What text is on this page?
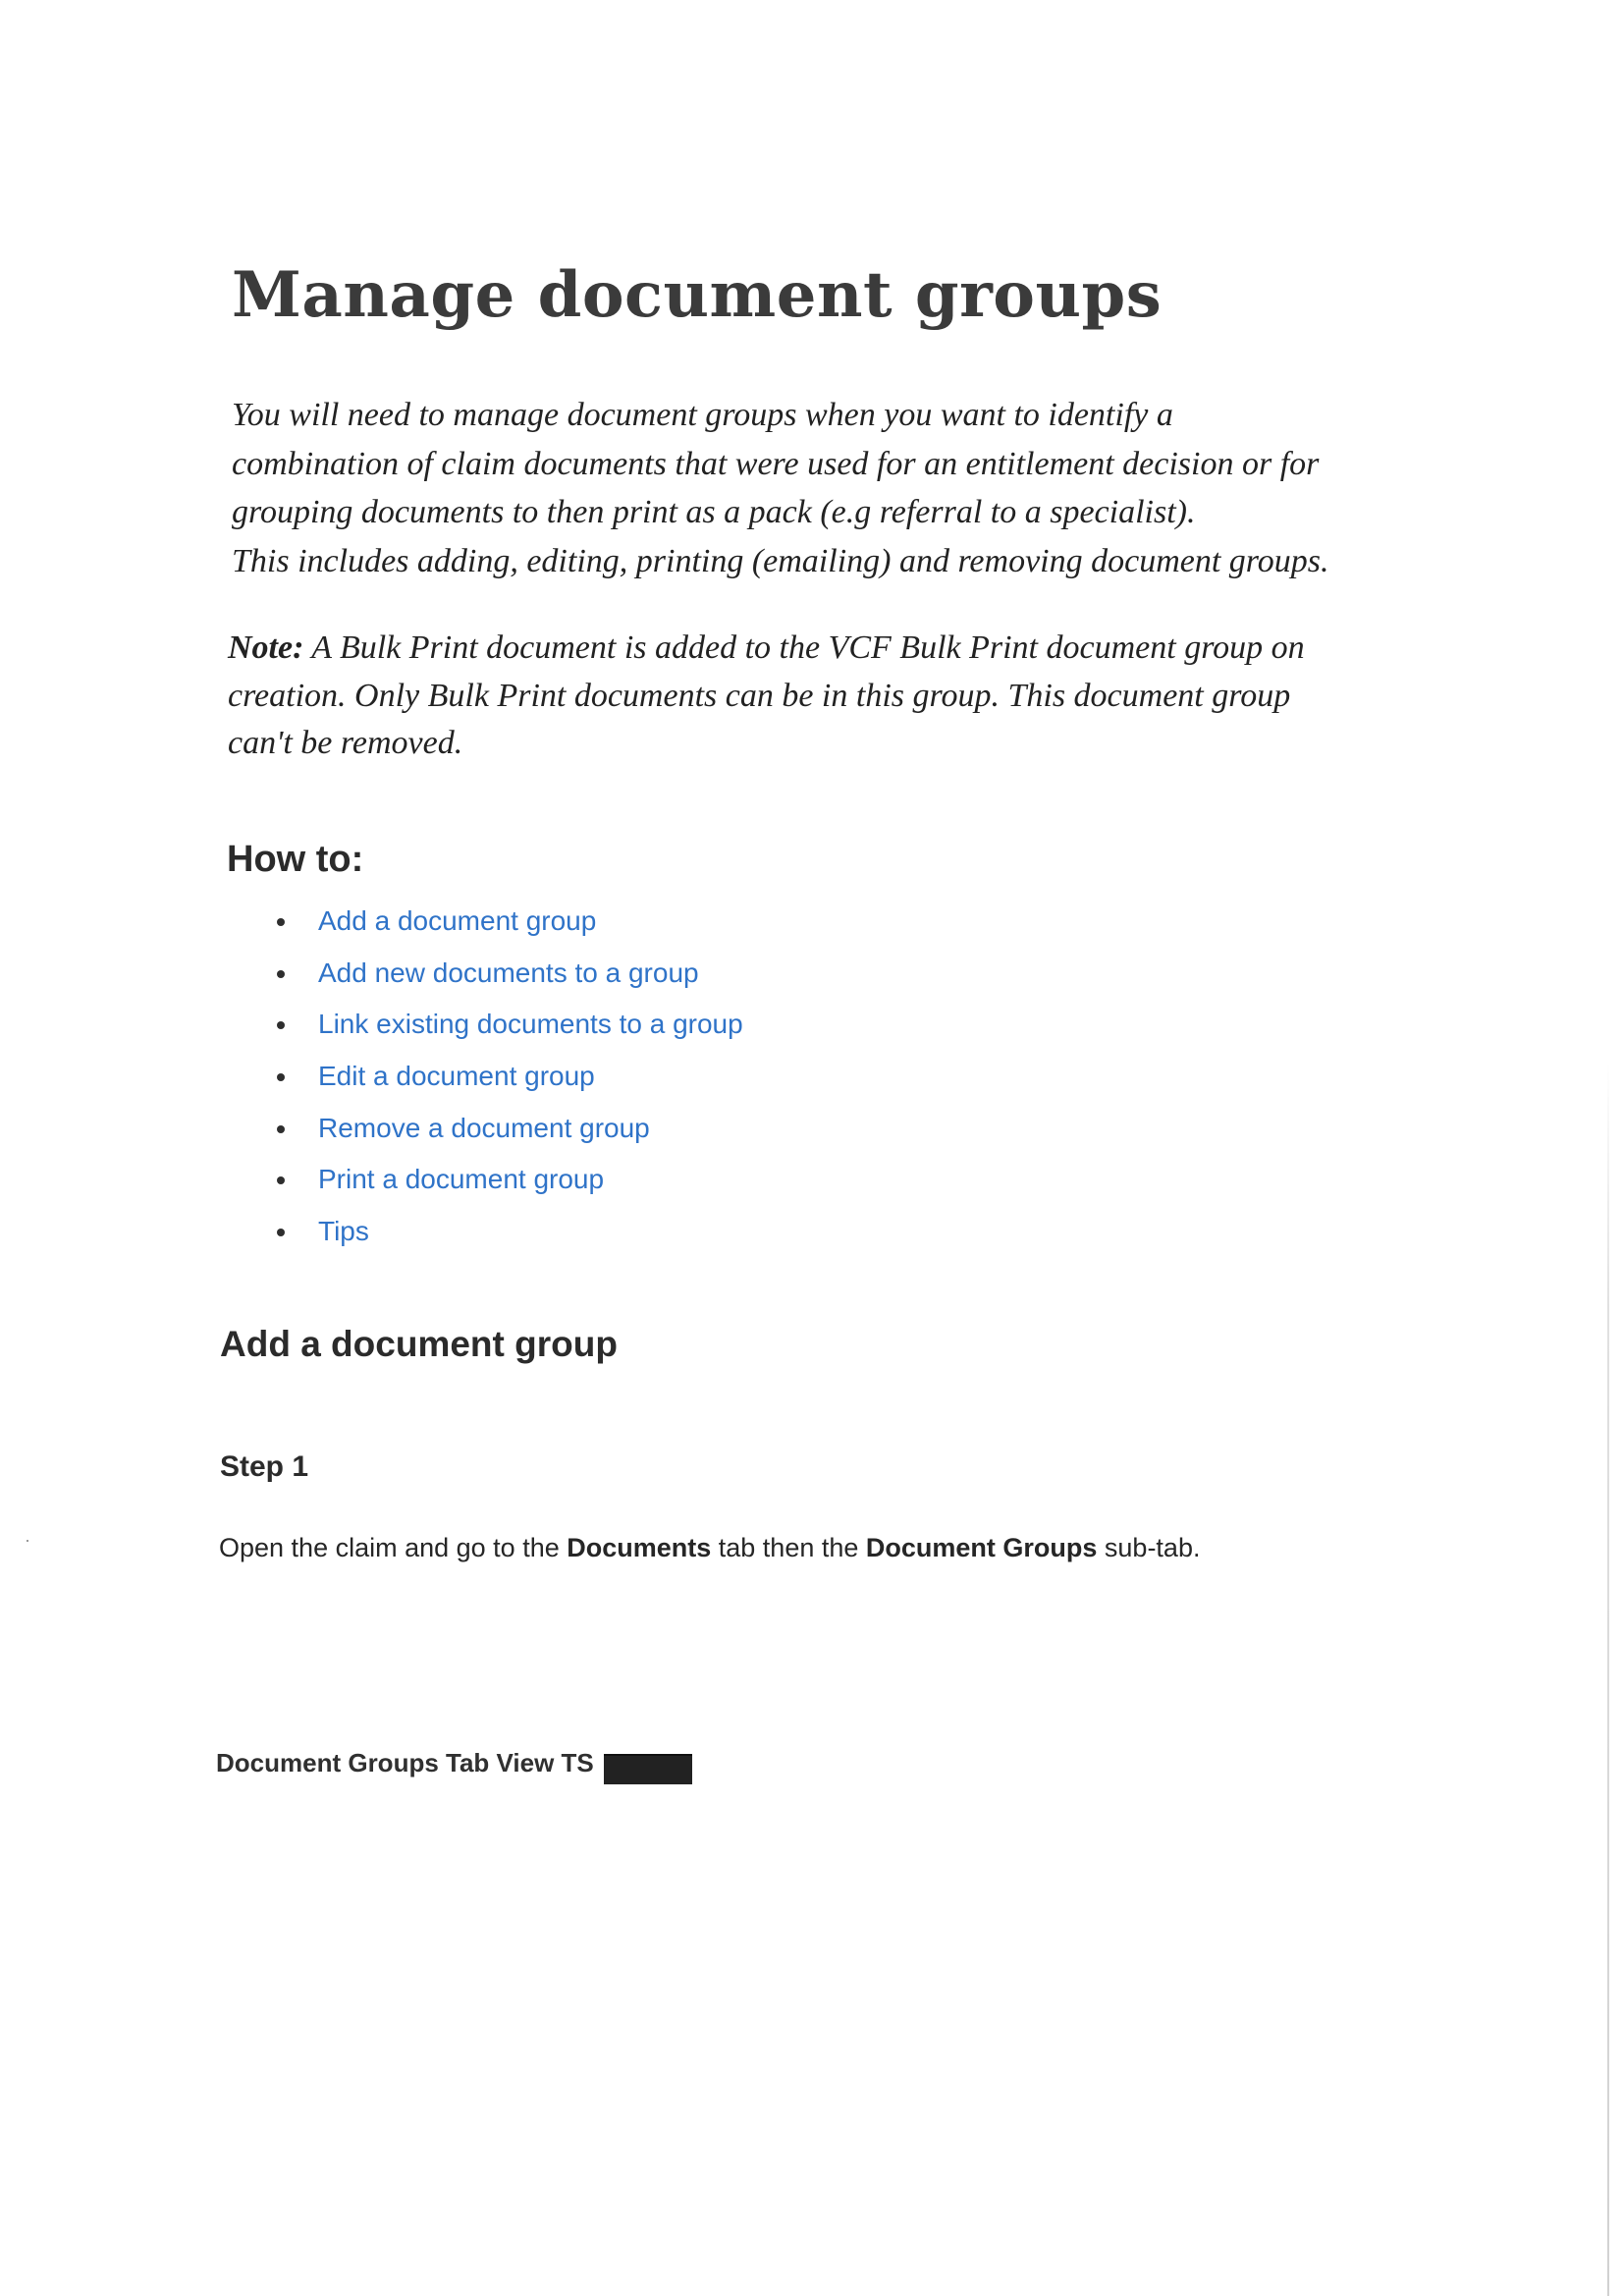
Manage document groups

You will need to manage document groups when you want to identify a
combination of claim documents that were used for an entitlement decision or for
grouping documents to then print as a pack (e.g referral to a specialist).
This includes adding, editing, printing (emailing) and removing document groups.

Note: A Bulk Print document is added to the VCF Bulk Print document group on
creation. Only Bulk Print documents can be in this group. This document group
can't be removed.

How to:
Add a document group
Add new documents to a group
Link existing documents to a group
Edit a document group
Remove a document group
Print a document group
Tips
Add a document group
Step 1

Open the claim and go to the Documents tab then the Document Groups sub-tab.

Document Groups Tab View TS
